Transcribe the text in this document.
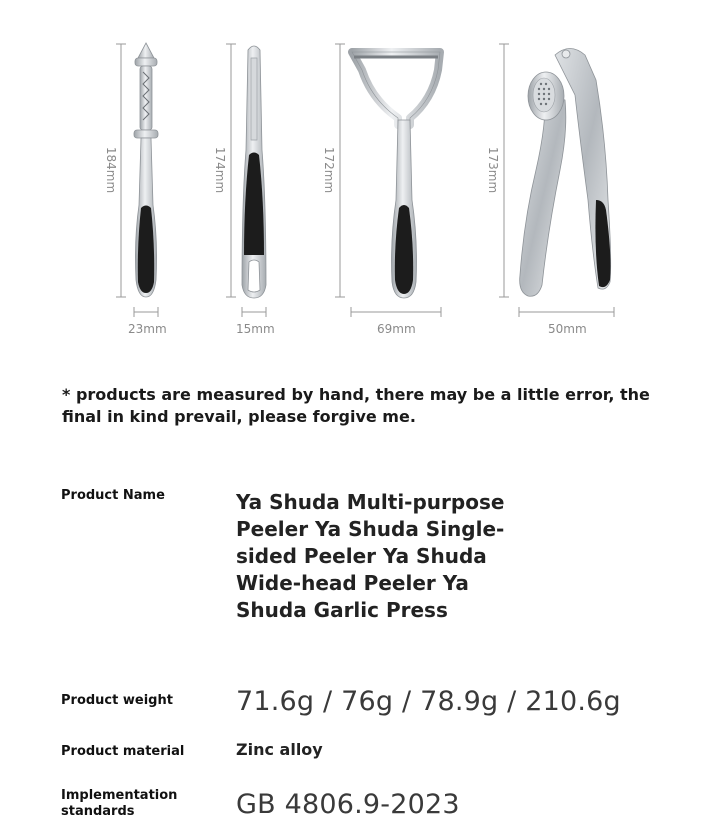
184mm
23mm
174mm
15mm
172mm
69mm
173mm
50mm
* products are measured by hand, there may be a little error, the final in kind prevail, please forgive me.
Product Name	Ya Shuda Multi-purpose Peeler Ya Shuda Single-sided Peeler Ya Shuda Wide-head Peeler Ya Shuda Garlic Press
Product weight 71.6g / 76g / 78.9g / 210.6g
Product material	Zinc alloy
Implementation standards	GB 4806.9-2023
